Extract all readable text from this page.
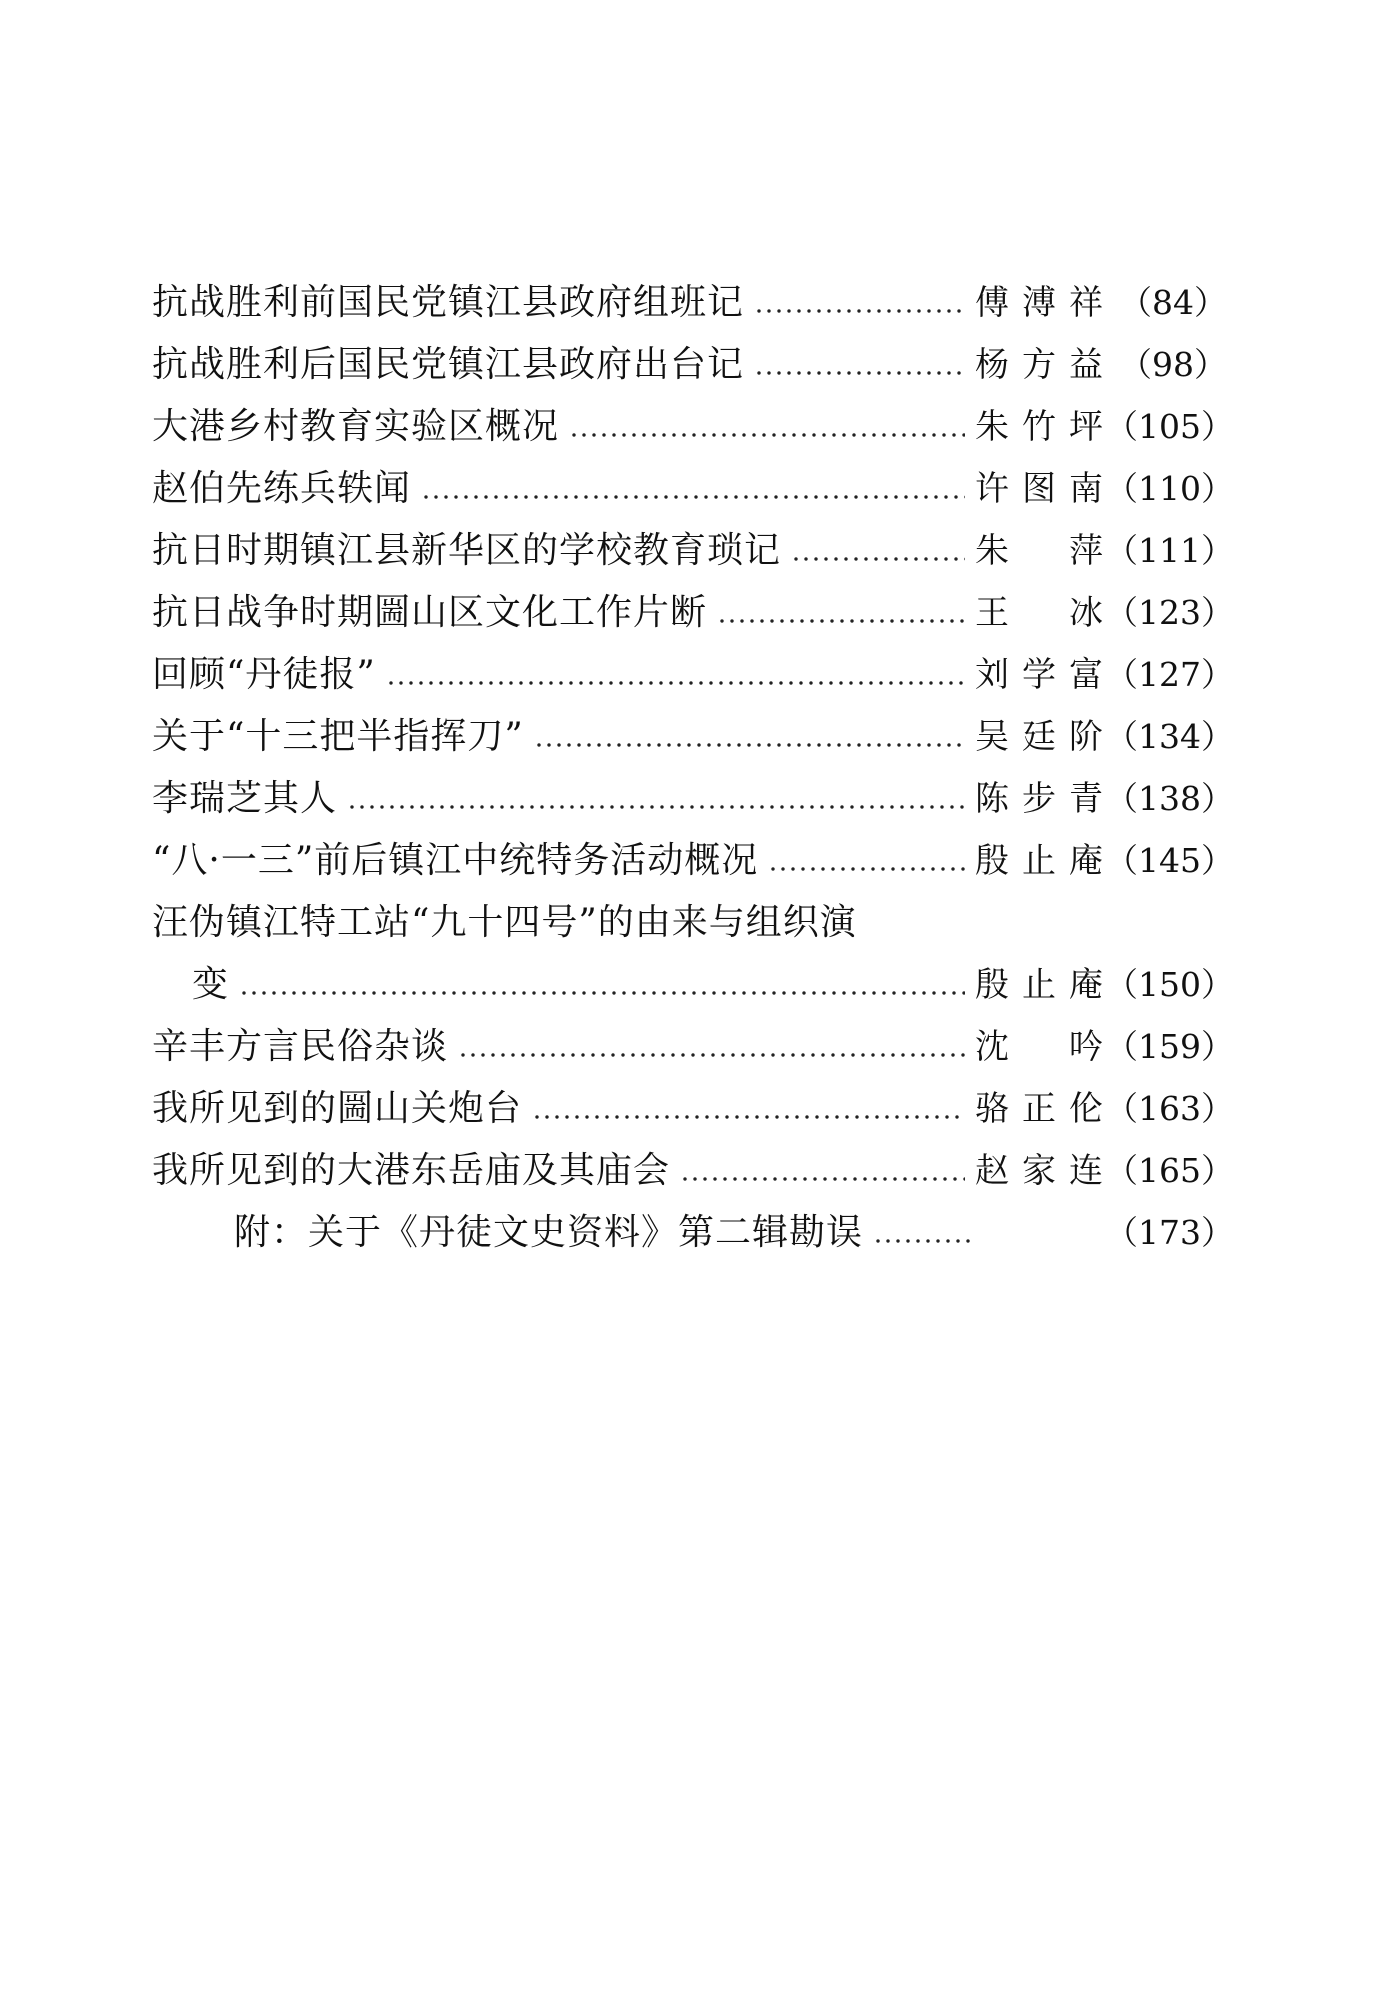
抗战胜利前国民党镇江县政府组班记	傅溥祥 （84）
抗战胜利后国民党镇江县政府出台记	杨方益 （98）
大港乡村教育实验区概况	朱竹坪 （105）
赵伯先练兵轶闻	许图南 （110）
抗日时期镇江县新华区的学校教育琐记	朱　萍 （111）
抗日战争时期圌山区文化工作片断	王　冰 （123）
回顾“丹徒报”	刘学富 （127）
关于“十三把半指挥刀”	吴廷阶 （134）
李瑞芝其人	陈步青 （138）
“八·一三”前后镇江中统特务活动概况	殷止庵 （145）
汪伪镇江特工站“九十四号”的由来与组织演
变	殷止庵 （150）
辛丰方言民俗杂谈	沈　吟 （159）
我所见到的圌山关炮台	骆正伦 （163）
我所见到的大港东岳庙及其庙会	赵家连 （165）
附：关于《丹徒文史资料》第二辑勘误	（173）
